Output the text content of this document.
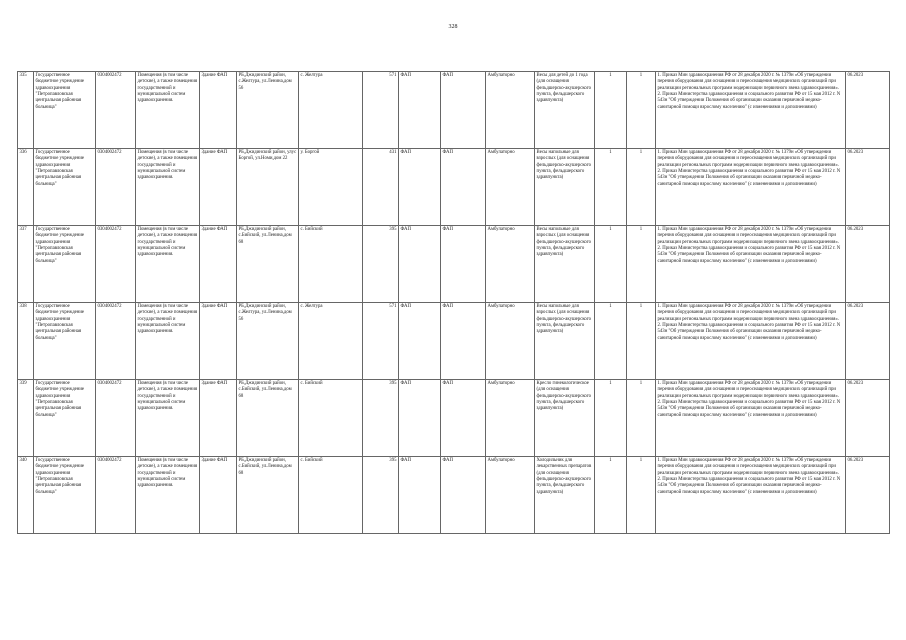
328
335	Государственное бюджетное учреждение здравоохранения "Петропавловская центральная районная больница"	0304002472	Помещения (в том числе детские), а также помещения государственной и муниципальной систем здравоохранения.	Здание ФАП	РБ,Джидинский район, с.Желтура, ул.Ленина,дом 56	с. Желтура	571	ФАП	ФАП	Амбулаторно	Весы для детей до 1 года (для оснащения фельдшерско-акушерского пункта, фельдшерского здравпункта)	1	1	1. Приказ Мин здравоохранения РФ от 28 декабря 2020 г. № 1379н «Об утверждении перечня оборудования для оснащения и переоснащения медицинских организаций при реализации региональных программ модернизации первичного звена здравоохранения». 2. Приказ Министерства здравоохранения и социального развития РФ от 15 мая 2012 г. N 543н "Об утверждении Положения об организации оказания первичной медико-санитарной помощи взрослому населению" (с изменениями и дополнениями)	06.2023
336	Государственное бюджетное учреждение здравоохранения "Петропавловская центральная районная больница"	0304002472	Помещения (в том числе детские), а также помещения государственной и муниципальной систем здравоохранения.	Здание ФАП	РБ,Джидинский район, улус Боргой, ул.Номи,дом 22	у. Боргой	431	ФАП	ФАП	Амбулаторно	Весы напольные для взрослых (для оснащения фельдшерско-акушерского пункта, фельдшерского здравпункта)	1	1	1. Приказ Мин здравоохранения РФ от 28 декабря 2020 г. № 1379н «Об утверждении перечня оборудования для оснащения и переоснащения медицинских организаций при реализации региональных программ модернизации первичного звена здравоохранения». 2. Приказ Министерства здравоохранения и социального развития РФ от 15 мая 2012 г. N 543н "Об утверждении Положения об организации оказания первичной медико-санитарной помощи взрослому населению" (с изменениями и дополнениями)	06.2023
337	Государственное бюджетное учреждение здравоохранения "Петропавловская центральная районная больница"	0304002472	Помещения (в том числе детские), а также помещения государственной и муниципальной систем здравоохранения.	Здание ФАП	РБ,Джидинский район, с.Бийский, ул.Ленина,дом 68	с. Бийский	395	ФАП	ФАП	Амбулаторно	Весы напольные для взрослых (для оснащения фельдшерско-акушерского пункта, фельдшерского здравпункта)	1	1	1. Приказ Мин здравоохранения РФ от 28 декабря 2020 г. № 1379н «Об утверждении перечня оборудования для оснащения и переоснащения медицинских организаций при реализации региональных программ модернизации первичного звена здравоохранения». 2. Приказ Министерства здравоохранения и социального развития РФ от 15 мая 2012 г. N 543н "Об утверждении Положения об организации оказания первичной медико-санитарной помощи взрослому населению" (с изменениями и дополнениями)	06.2023
338	Государственное бюджетное учреждение здравоохранения "Петропавловская центральная районная больница"	0304002472	Помещения (в том числе детские), а также помещения государственной и муниципальной систем здравоохранения.	Здание ФАП	РБ,Джидинский район, с.Желтура, ул.Ленина,дом 56	с. Желтура	571	ФАП	ФАП	Амбулаторно	Весы напольные для взрослых (для оснащения фельдшерско-акушерского пункта, фельдшерского здравпункта)	1	1	1. Приказ Мин здравоохранения РФ от 28 декабря 2020 г. № 1379н «Об утверждении перечня оборудования для оснащения и переоснащения медицинских организаций при реализации региональных программ модернизации первичного звена здравоохранения». 2. Приказ Министерства здравоохранения и социального развития РФ от 15 мая 2012 г. N 543н "Об утверждении Положения об организации оказания первичной медико-санитарной помощи взрослому населению" (с изменениями и дополнениями)	06.2023
339	Государственное бюджетное учреждение здравоохранения "Петропавловская центральная районная больница"	0304002472	Помещения (в том числе детские), а также помещения государственной и муниципальной систем здравоохранения.	Здание ФАП	РБ,Джидинский район, с.Бийский, ул.Ленина,дом 68	с. Бийский	395	ФАП	ФАП	Амбулаторно	Кресло гинекологическое (для оснащения фельдшерско-акушерского пункта, фельдшерского здравпункта)	1	1	1. Приказ Мин здравоохранения РФ от 28 декабря 2020 г. № 1379н «Об утверждении перечня оборудования для оснащения и переоснащения медицинских организаций при реализации региональных программ модернизации первичного звена здравоохранения». 2. Приказ Министерства здравоохранения и социального развития РФ от 15 мая 2012 г. N 543н "Об утверждении Положения об организации оказания первичной медико-санитарной помощи взрослому населению" (с изменениями и дополнениями)	06.2023
340	Государственное бюджетное учреждение здравоохранения "Петропавловская центральная районная больница"	0304002472	Помещения (в том числе детские), а также помещения государственной и муниципальной систем здравоохранения.	Здание ФАП	РБ,Джидинский район, с.Бийский, ул.Ленина,дом 68	с. Бийский	395	ФАП	ФАП	Амбулаторно	Холодильник для лекарственных препаратов (для оснащения фельдшерско-акушерского пункта, фельдшерского здравпункта)	1	1	1. Приказ Мин здравоохранения РФ от 28 декабря 2020 г. № 1379н «Об утверждении перечня оборудования для оснащения и переоснащения медицинских организаций при реализации региональных программ модернизации первичного звена здравоохранения». 2. Приказ Министерства здравоохранения и социального развития РФ от 15 мая 2012 г. N 543н "Об утверждении Положения об организации оказания первичной медико-санитарной помощи взрослому населению" (с изменениями и дополнениями)	06.2023
